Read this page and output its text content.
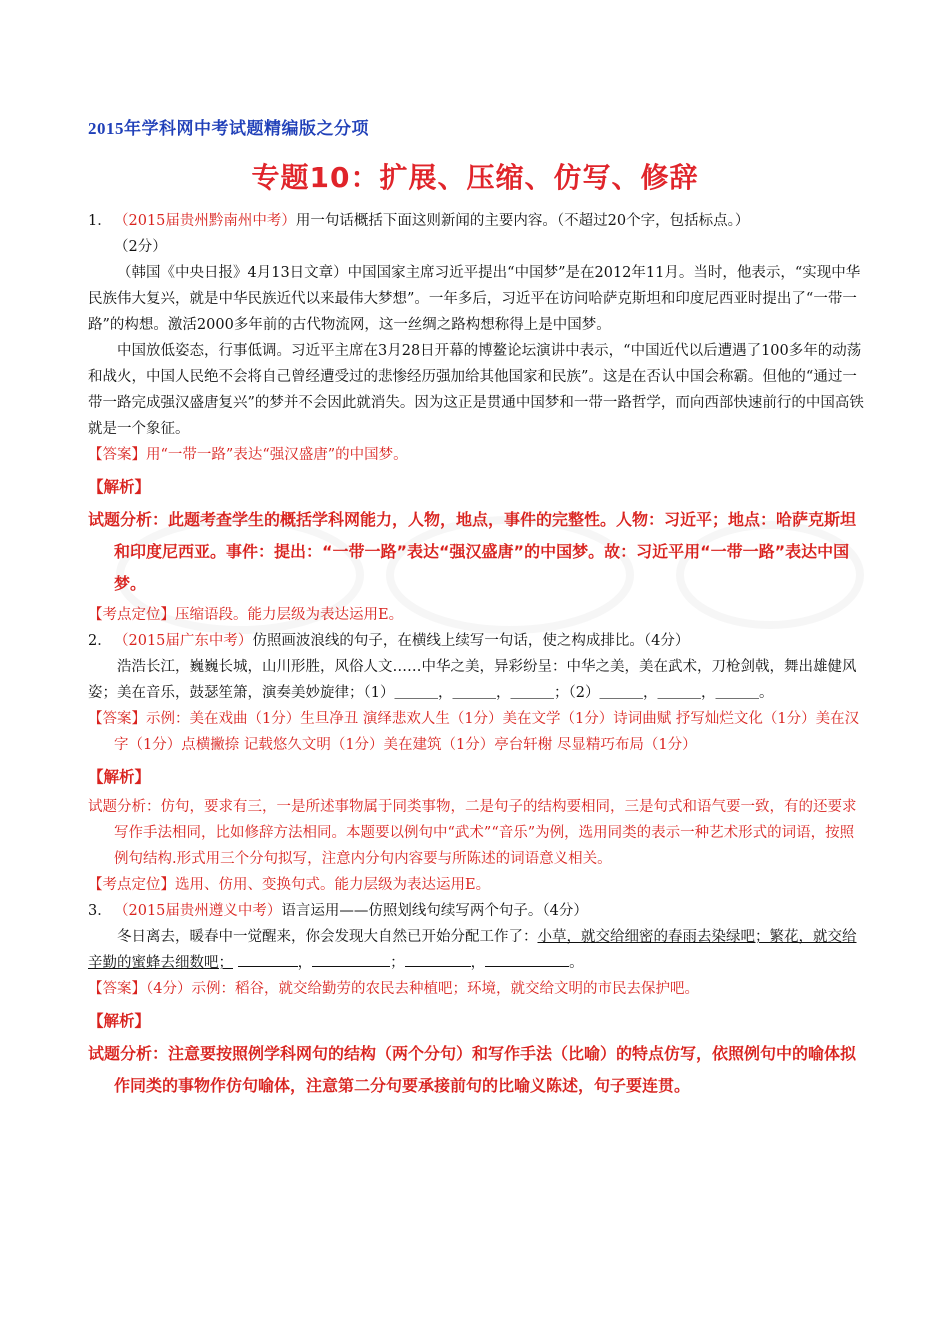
2015年学科网中考试题精编版之分项
专题10：扩展、压缩、仿写、修辞
1． （2015届贵州黔南州中考）用一句话概括下面这则新闻的主要内容。（不超过20个字，包括标点。）
（2分）

（韩国《中央日报》4月13日文章）中国国家主席习近平提出“中国梦”是在2012年11月。当时，他表示，“实现中华民族伟大复兴，就是中华民族近代以来最伟大梦想”。一年多后，习近平在访问哈萨克斯坦和印度尼西亚时提出了“一带一路”的构想。激活2000多年前的古代物流网，这一丝绸之路构想称得上是中国梦。

中国放低姿态，行事低调。习近平主席在3月28日开幕的博鳌论坛演讲中表示，“中国近代以后遭遇了100多年的动荡和战火，中国人民绝不会将自己曾经遭受过的悲惨经历强加给其他国家和民族”。这是在否认中国会称霸。但他的“通过一带一路完成强汉盛唐复兴”的梦并不会因此就消失。因为这正是贯通中国梦和一带一路哲学，而向西部快速前行的中国高铁就是一个象征。

【答案】用“一带一路”表达“强汉盛唐”的中国梦。

【解析】

试题分析：此题考查学生的概括学科网能力，人物，地点，事件的完整性。人物：习近平；地点：哈萨克斯坦和印度尼西亚。事件：提出：“一带一路”表达“强汉盛唐”的中国梦。故：习近平用“一带一路”表达中国梦。

【考点定位】压缩语段。能力层级为表达运用E。

2． （2015届广东中考）仿照画波浪线的句子，在横线上续写一句话，使之构成排比。（4分）

浩浩长江，巍巍长城，山川形胜，风俗人文……中华之美，异彩纷呈：中华之美，美在武术，刀枪剑戟，舞出雄健风姿；美在音乐，鼓瑟笙箫，演奏美妙旋律；（1）＿＿＿，＿＿＿，＿＿＿；（2）＿＿＿，＿＿＿，＿＿＿。

【答案】示例：美在戏曲（1分）生旦净丑 演绎悲欢人生（1分）美在文学（1分）诗词曲赋 抒写灿烂文化（1分）美在汉字（1分）点横撇捺 记载悠久文明（1分）美在建筑（1分）亭台轩榭 尽显精巧布局（1分）

【解析】

试题分析：仿句，要求有三，一是所述事物属于同类事物，二是句子的结构要相同，三是句式和语气要一致，有的还要求写作手法相同，比如修辞方法相同。本题要以例句中“武术”“音乐”为例，选用同类的表示一种艺术形式的词语，按照例句结构.形式用三个分句拟写，注意内分句内容要与所陈述的词语意义相关。

【考点定位】选用、仿用、变换句式。能力层级为表达运用E。

3． （2015届贵州遵义中考）语言运用——仿照划线句续写两个句子。（4分）

冬日离去，暖春中一觉醒来，你会发现大自然已开始分配工作了：小草，就交给细密的春雨去染绿吧；繁花，就交给辛勤的蜜蜂去细数吧；	，	；	，	。

【答案】（4分）示例：稻谷，就交给勤劳的农民去种植吧；环境，就交给文明的市民去保护吧。

【解析】

试题分析：注意要按照例学科网句的结构（两个分句）和写作手法（比喻）的特点仿写，依照例句中的喻体拟作同类的事物作仿句喻体，注意第二分句要承接前句的比喻义陈述，句子要连贯。
